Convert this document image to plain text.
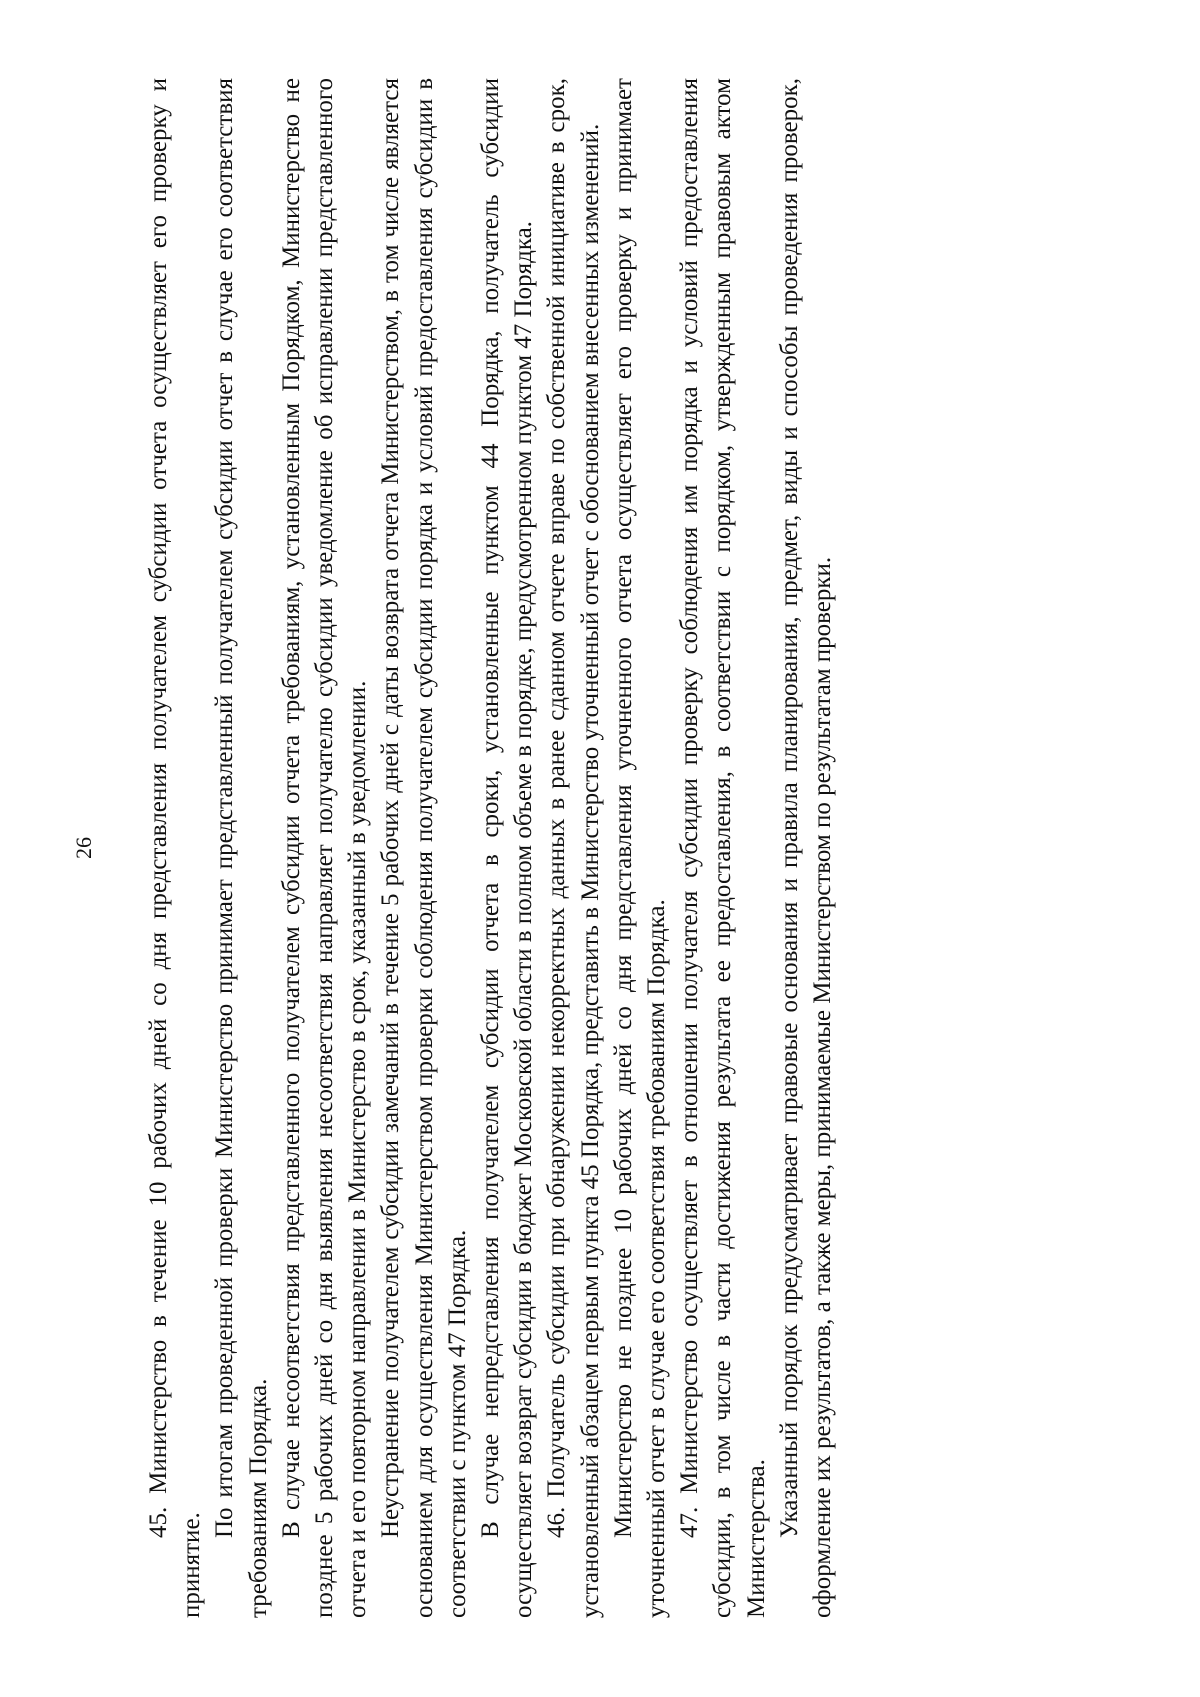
26 45. Министерство в течение 10 рабочих дней со дня представления получателем субсидии отчета осуществляет его проверку и принятие.

По итогам проведенной проверки Министерство принимает представленный получателем субсидии отчет в случае его соответствия требованиям Порядка. В случае несоответствия представленного получателем субсидии отчета требованиям, установленным Порядком, Министерство не позднее 5 рабочих дней со дня выявления несоответствия направляет получателю субсидии уведомление об исправлении представленного отчета и его повторном направлении в Министерство в срок, указанный в уведомлении. Неустранение получателем субсидии замечаний в течение 5 рабочих дней с даты возврата отчета Министерством, в том числе является основанием для осуществления Министерством проверки соблюдения получателем субсидии порядка и условий предоставления субсидии в соответствии с пунктом 47 Порядка. В случае непредставления получателем субсидии отчета в сроки, установленные пунктом 44 Порядка, получатель субсидии осуществляет возврат субсидии в бюджет Московской области в полном объеме в порядке, предусмотренном пунктом 47 Порядка. 46. Получатель субсидии при обнаружении некорректных данных в ранее сданном отчете вправе по собственной инициативе в срок, установленный абзацем первым пункта 45 Порядка, представить в Министерство уточненный отчет с обоснованием внесенных изменений. Министерство не позднее 10 рабочих дней со дня представления уточненного отчета осуществляет его проверку и принимает уточненный отчет в случае его соответствия требованиям Порядка. 47. Министерство осуществляет в отношении получателя субсидии проверку соблюдения им порядка и условий предоставления субсидии, в том числе в части достижения результата ее предоставления, в соответствии с порядком, утвержденным правовым актом Министерства.

Указанный порядок предусматривает правовые основания и правила планирования, предмет, виды и способы проведения проверок, оформление их результатов, а также меры, принимаемые Министерством по результатам проверки.
